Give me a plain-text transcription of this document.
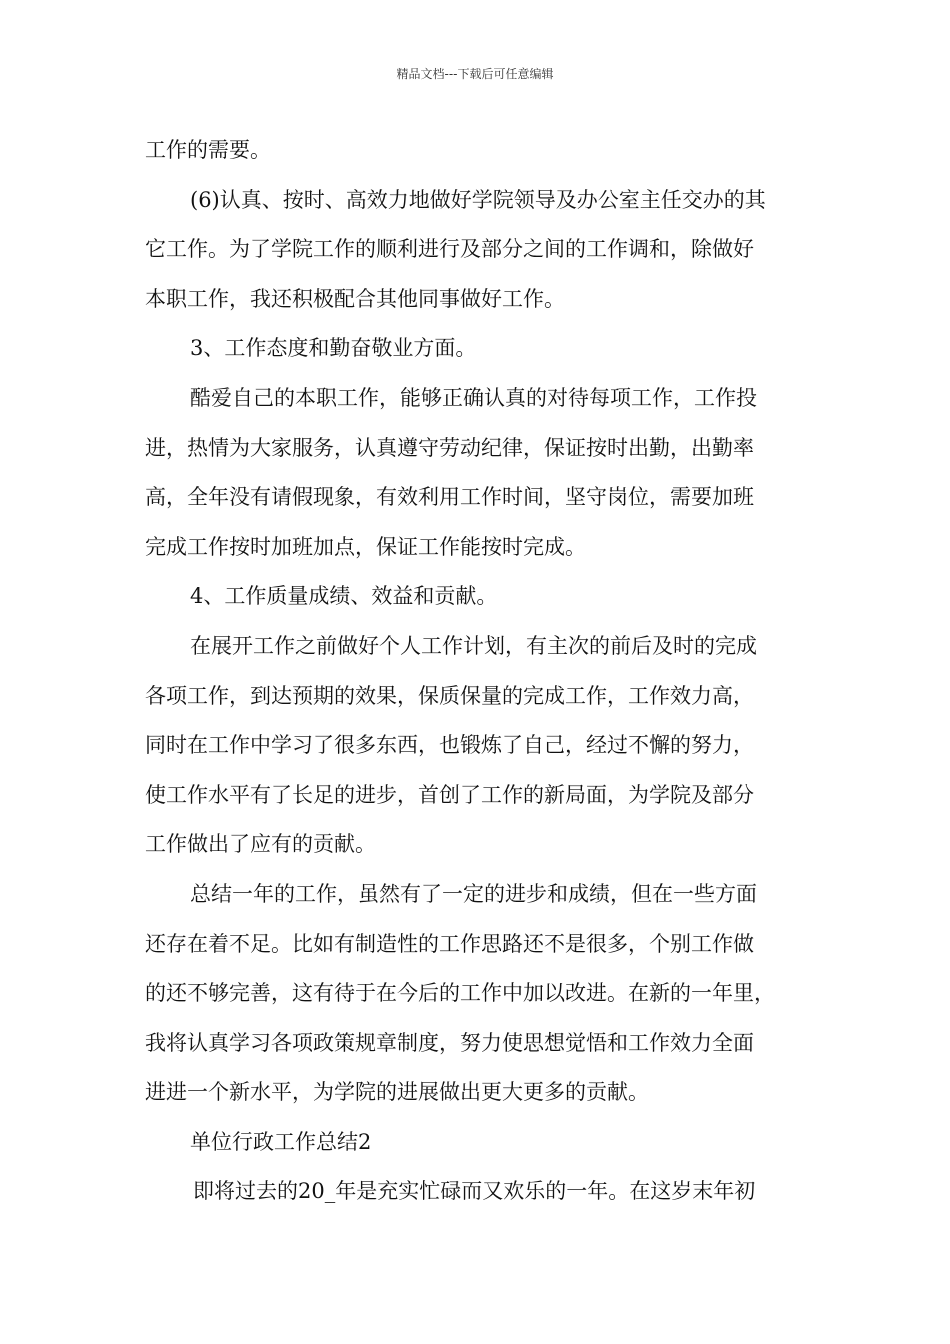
精品文档---下载后可任意编辑
工作的需要。
(6)认真、按时、高效力地做好学院领导及办公室主任交办的其
它工作。为了学院工作的顺利进行及部分之间的工作调和，除做好
本职工作，我还积极配合其他同事做好工作。
3、工作态度和勤奋敬业方面。
酷爱自己的本职工作，能够正确认真的对待每项工作，工作投
进，热情为大家服务，认真遵守劳动纪律，保证按时出勤，出勤率
高，全年没有请假现象，有效利用工作时间，坚守岗位，需要加班
完成工作按时加班加点，保证工作能按时完成。
4、工作质量成绩、效益和贡献。
在展开工作之前做好个人工作计划，有主次的前后及时的完成
各项工作，到达预期的效果，保质保量的完成工作，工作效力高，
同时在工作中学习了很多东西，也锻炼了自己，经过不懈的努力，
使工作水平有了长足的进步，首创了工作的新局面，为学院及部分
工作做出了应有的贡献。
总结一年的工作，虽然有了一定的进步和成绩，但在一些方面
还存在着不足。比如有制造性的工作思路还不是很多，个别工作做
的还不够完善，这有待于在今后的工作中加以改进。在新的一年里，
我将认真学习各项政策规章制度，努力使思想觉悟和工作效力全面
进进一个新水平，为学院的进展做出更大更多的贡献。
单位行政工作总结2
即将过去的20_年是充实忙碌而又欢乐的一年。在这岁末年初
